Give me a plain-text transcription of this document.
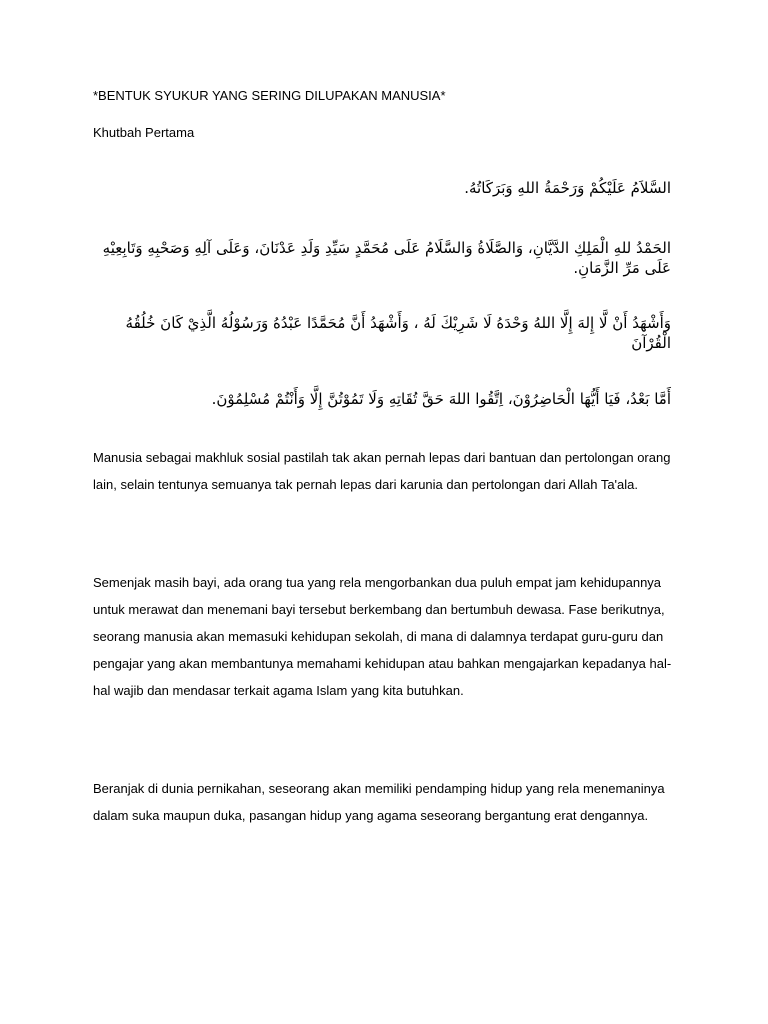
*BENTUK SYUKUR YANG SERING DILUPAKAN MANUSIA*
Khutbah Pertama
السَّلاَمُ عَلَيْكُمْ وَرَحْمَةُ اللهِ وَبَرَكَاتُهُ.
الحَمْدُ للهِ الْمَلِكِ الدَّيَّانِ، وَالصَّلَاةُ وَالسَّلَامُ عَلَى مُحَمَّدٍ سَيِّدِ وَلَدِ عَدْنَانَ، وَعَلَى آلِهِ وَصَحْبِهِ وَتَابِعِيْهِ عَلَى مَرِّ الزَّمَانِ.
وَأَشْهَدُ أَنْ لَّا إِلهَ إِلَّا اللهُ وَحْدَهُ لَا شَرِيْكَ لَهُ ، وَأَشْهَدُ أَنَّ مُحَمَّدًا عَبْدُهُ وَرَسُوْلُهُ الَّذِيْ كَانَ خُلُقُهُ الْقُرْآنَ
أَمَّا بَعْدُ، فَيَا أَيُّهَا الْحَاضِرُوْنَ، اِتَّقُوا اللهَ حَقَّ تُقَاتِهِ وَلَا تَمُوْتُنَّ إِلَّا وَأَنْتُمْ مُسْلِمُوْنَ.
Manusia sebagai makhluk sosial pastilah tak akan pernah lepas dari bantuan dan pertolongan orang lain, selain tentunya semuanya tak pernah lepas dari karunia dan pertolongan dari Allah Ta'ala.
Semenjak masih bayi, ada orang tua yang rela mengorbankan dua puluh empat jam kehidupannya untuk merawat dan menemani bayi tersebut berkembang dan bertumbuh dewasa. Fase berikutnya, seorang manusia akan memasuki kehidupan sekolah, di mana di dalamnya terdapat guru-guru dan pengajar yang akan membantunya memahami kehidupan atau bahkan mengajarkan kepadanya hal-hal wajib dan mendasar terkait agama Islam yang kita butuhkan.
Beranjak di dunia pernikahan, seseorang akan memiliki pendamping hidup yang rela menemaninya dalam suka maupun duka, pasangan hidup yang agama seseorang bergantung erat dengannya.
